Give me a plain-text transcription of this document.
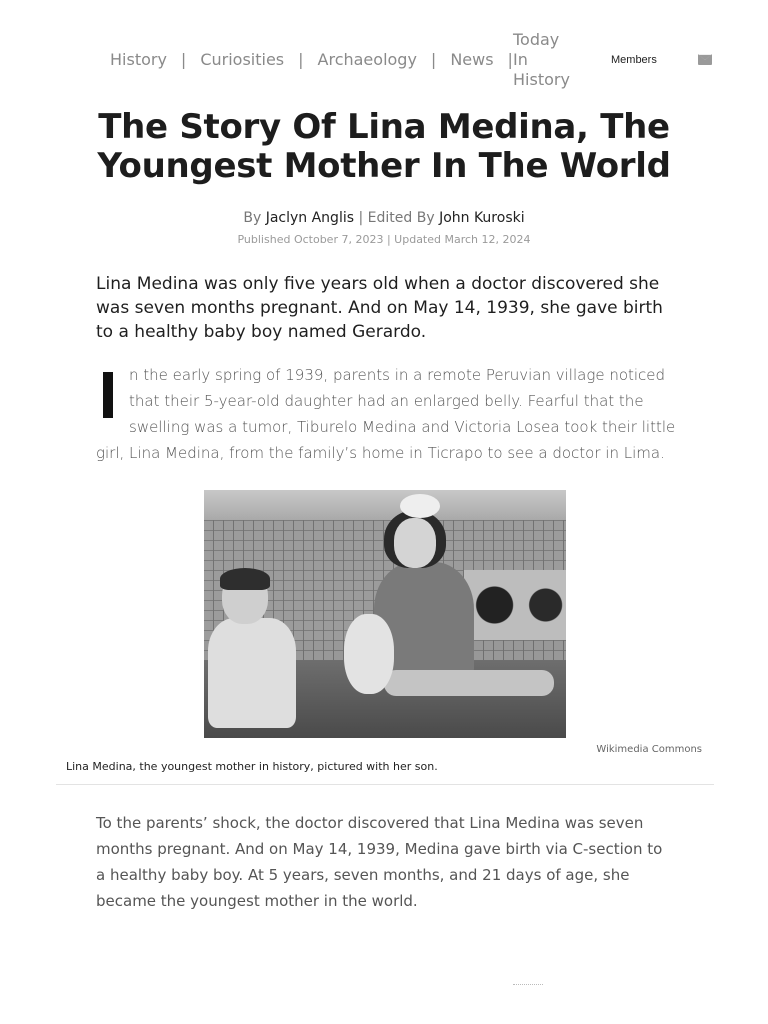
History | Curiosities | Archaeology | News |
Today
In
History
Members
The Story Of Lina Medina, The Youngest Mother In The World
By Jaclyn Anglis | Edited By John Kuroski
Published October 7, 2023 | Updated March 12, 2024

Lina Medina was only five years old when a doctor discovered she was seven months pregnant. And on May 14, 1939, she gave birth to a healthy baby boy named Gerardo.

n the early spring of 1939, parents in a remote Peruvian village noticed that their 5-year-old daughter had an enlarged belly. Fearful that the swelling was a tumor, Tiburelo Medina and Victoria Losea took their little girl, Lina Medina, from the family’s home in Ticrapo to see a doctor in Lima.

Wikimedia Commons
Lina Medina, the youngest mother in history, pictured with her son.

To the parents’ shock, the doctor discovered that Lina Medina was seven months pregnant. And on May 14, 1939, Medina gave birth via C-section to a healthy baby boy. At 5 years, seven months, and 21 days of age, she became the youngest mother in the world.
